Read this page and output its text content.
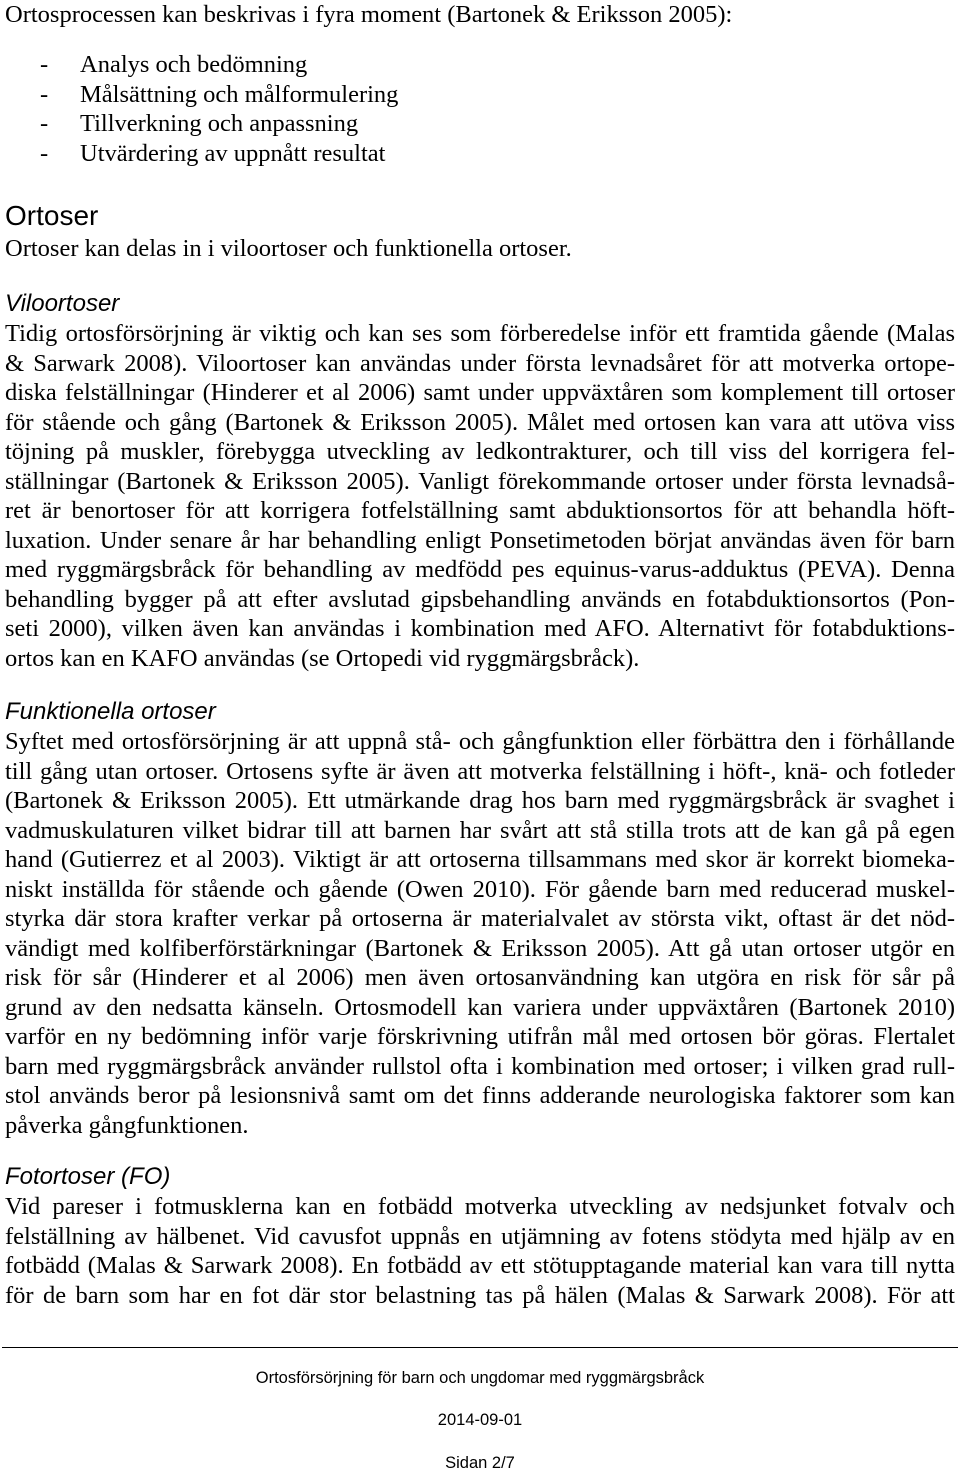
Ortosprocessen kan beskrivas i fyra moment (Bartonek & Eriksson 2005):
- Analys och bedömning
- Målsättning och målformulering
- Tillverkning och anpassning
- Utvärdering av uppnått resultat
Ortoser
Ortoser kan delas in i viloortoser och funktionella ortoser.
Viloortoser
Tidig ortosförsörjning är viktig och kan ses som förberedelse inför ett framtida gående (Malas
& Sarwark 2008). Viloortoser kan användas under första levnadsåret för att motverka ortope-
diska felställningar (Hinderer et al 2006) samt under uppväxtåren som komplement till ortoser
för stående och gång (Bartonek & Eriksson 2005). Målet med ortosen kan vara att utöva viss
töjning på muskler, förebygga utveckling av ledkontrakturer, och till viss del korrigera fel-
ställningar (Bartonek & Eriksson 2005). Vanligt förekommande ortoser under första levnadså-
ret är benortoser för att korrigera fotfelställning samt abduktionsortos för att behandla höft-
luxation. Under senare år har behandling enligt Ponsetimetoden börjat användas även för barn
med ryggmärgsbråck för behandling av medfödd pes equinus-varus-adduktus (PEVA). Denna
behandling bygger på att efter avslutad gipsbehandling används en fotabduktionsortos (Pon-
seti 2000), vilken även kan användas i kombination med AFO. Alternativt för fotabduktions-
ortos kan en KAFO användas (se Ortopedi vid ryggmärgsbråck).
Funktionella ortoser
Syftet med ortosförsörjning är att uppnå stå- och gångfunktion eller förbättra den i förhållande
till gång utan ortoser. Ortosens syfte är även att motverka felställning i höft-, knä- och fotleder
(Bartonek & Eriksson 2005). Ett utmärkande drag hos barn med ryggmärgsbråck är svaghet i
vadmuskulaturen vilket bidrar till att barnen har svårt att stå stilla trots att de kan gå på egen
hand (Gutierrez et al 2003). Viktigt är att ortoserna tillsammans med skor är korrekt biomeka-
niskt inställda för stående och gående (Owen 2010). För gående barn med reducerad muskel-
styrka där stora krafter verkar på ortoserna är materialvalet av största vikt, oftast är det nöd-
vändigt med kolfiberförstärkningar (Bartonek & Eriksson 2005). Att gå utan ortoser utgör en
risk för sår (Hinderer et al 2006) men även ortosanvändning kan utgöra en risk för sår på
grund av den nedsatta känseln. Ortosmodell kan variera under uppväxtåren (Bartonek 2010)
varför en ny bedömning inför varje förskrivning utifrån mål med ortosen bör göras. Flertalet
barn med ryggmärgsbråck använder rullstol ofta i kombination med ortoser; i vilken grad rull-
stol används beror på lesionsnivå samt om det finns adderande neurologiska faktorer som kan
påverka gångfunktionen.
Fotortoser (FO)
Vid pareser i fotmusklerna kan en fotbädd motverka utveckling av nedsjunket fotvalv och
felställning av hälbenet. Vid cavusfot uppnås en utjämning av fotens stödyta med hjälp av en
fotbädd (Malas & Sarwark 2008). En fotbädd av ett stötupptagande material kan vara till nytta
för de barn som har en fot där stor belastning tas på hälen (Malas & Sarwark 2008). För att
Ortosförsörjning för barn och ungdomar med ryggmärgsbråck
2014-09-01
Sidan 2/7
